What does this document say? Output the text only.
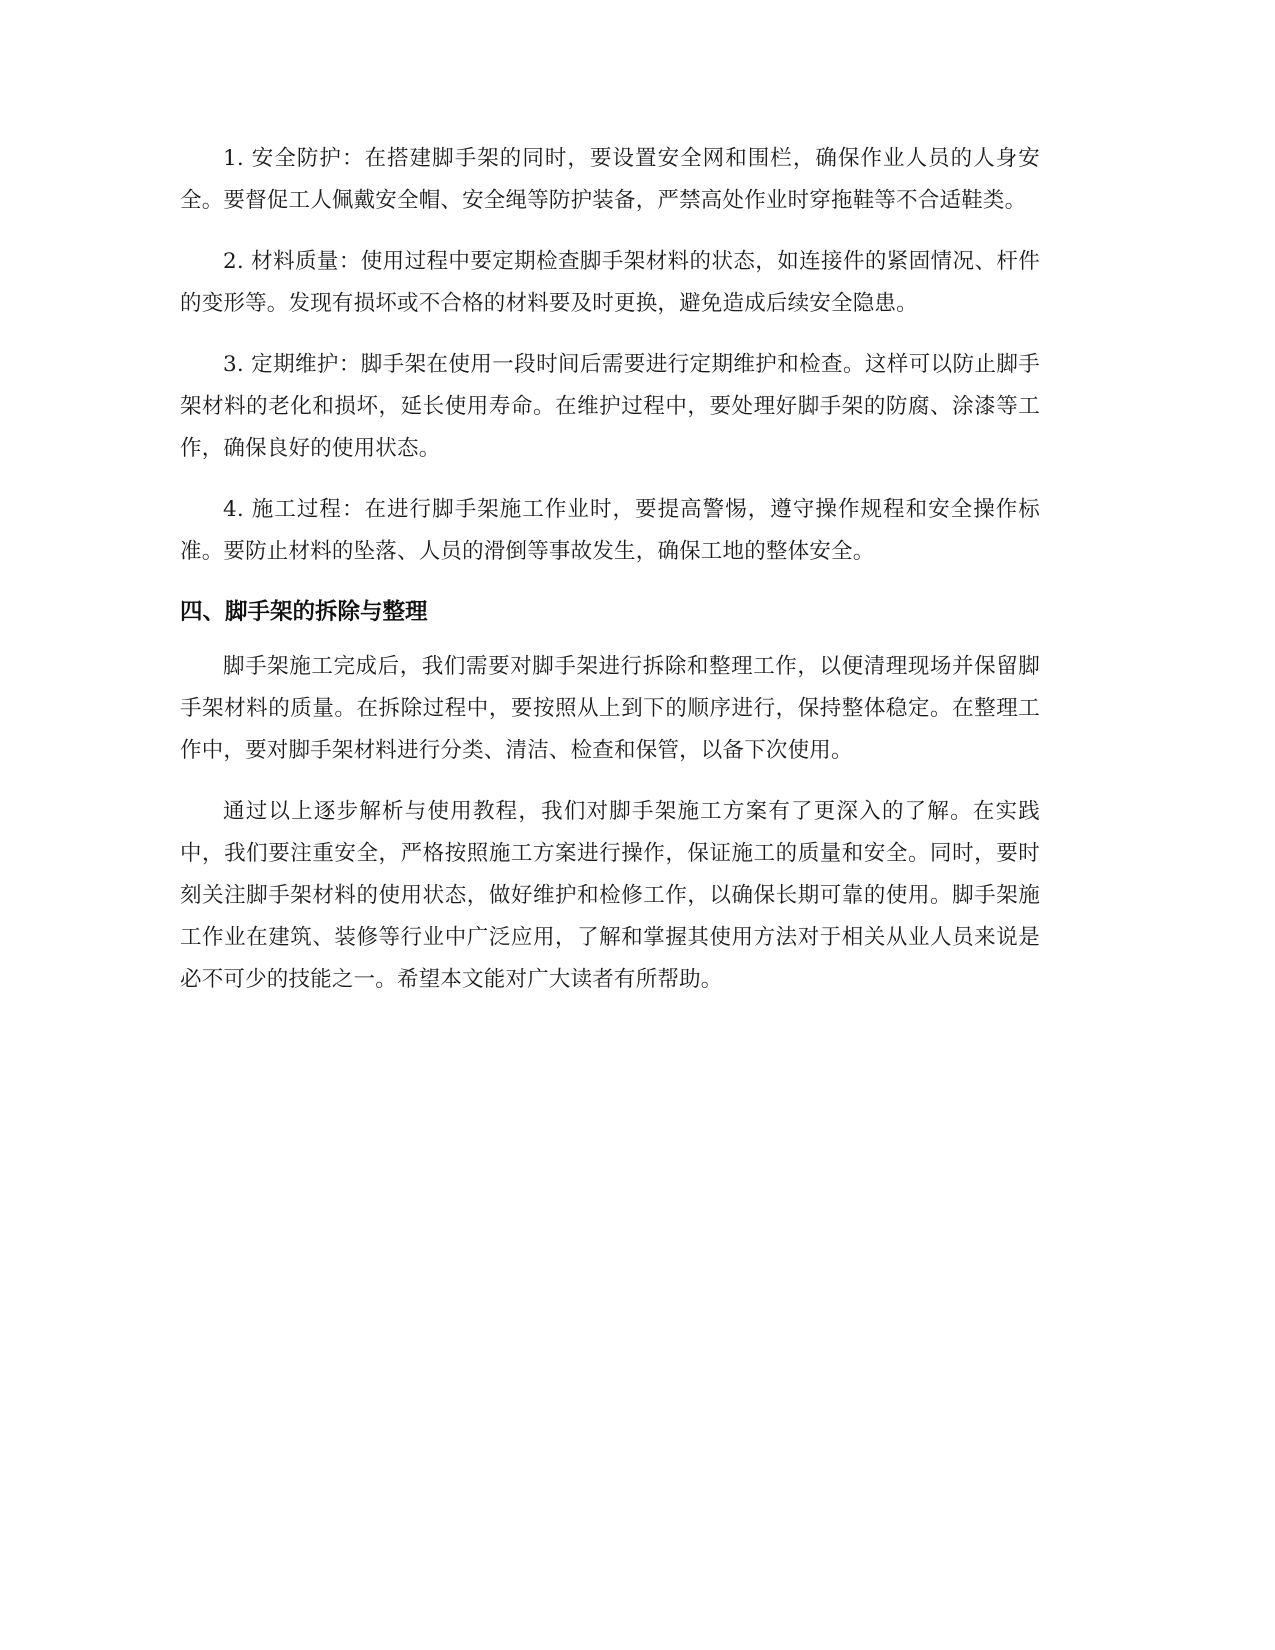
1. 安全防护：在搭建脚手架的同时，要设置安全网和围栏，确保作业人员的人身安全。要督促工人佩戴安全帽、安全绳等防护装备，严禁高处作业时穿拖鞋等不合适鞋类。

2. 材料质量：使用过程中要定期检查脚手架材料的状态，如连接件的紧固情况、杆件的变形等。发现有损坏或不合格的材料要及时更换，避免造成后续安全隐患。

3. 定期维护：脚手架在使用一段时间后需要进行定期维护和检查。这样可以防止脚手架材料的老化和损坏，延长使用寿命。在维护过程中，要处理好脚手架的防腐、涂漆等工作，确保良好的使用状态。

4. 施工过程：在进行脚手架施工作业时，要提高警惕，遵守操作规程和安全操作标准。要防止材料的坠落、人员的滑倒等事故发生，确保工地的整体安全。

四、脚手架的拆除与整理

脚手架施工完成后，我们需要对脚手架进行拆除和整理工作，以便清理现场并保留脚手架材料的质量。在拆除过程中，要按照从上到下的顺序进行，保持整体稳定。在整理工作中，要对脚手架材料进行分类、清洁、检查和保管，以备下次使用。

通过以上逐步解析与使用教程，我们对脚手架施工方案有了更深入的了解。在实践中，我们要注重安全，严格按照施工方案进行操作，保证施工的质量和安全。同时，要时刻关注脚手架材料的使用状态，做好维护和检修工作，以确保长期可靠的使用。脚手架施工作业在建筑、装修等行业中广泛应用，了解和掌握其使用方法对于相关从业人员来说是必不可少的技能之一。希望本文能对广大读者有所帮助。
